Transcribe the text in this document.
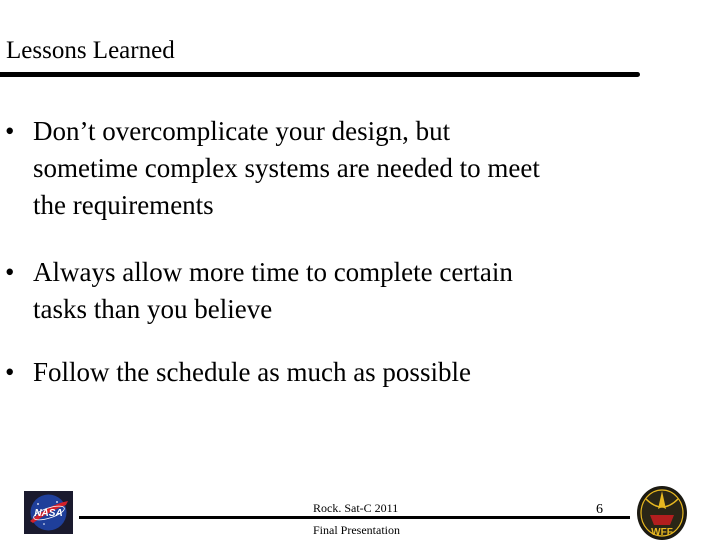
Lessons Learned
• Don’t overcomplicate your design, but
sometime complex systems are needed to meet
the requirements
• Always allow more time to complete certain
tasks than you believe
• Follow the schedule as much as possible
NASA	Rock. Sat-C 2011
Final Presentation
6
WFF
